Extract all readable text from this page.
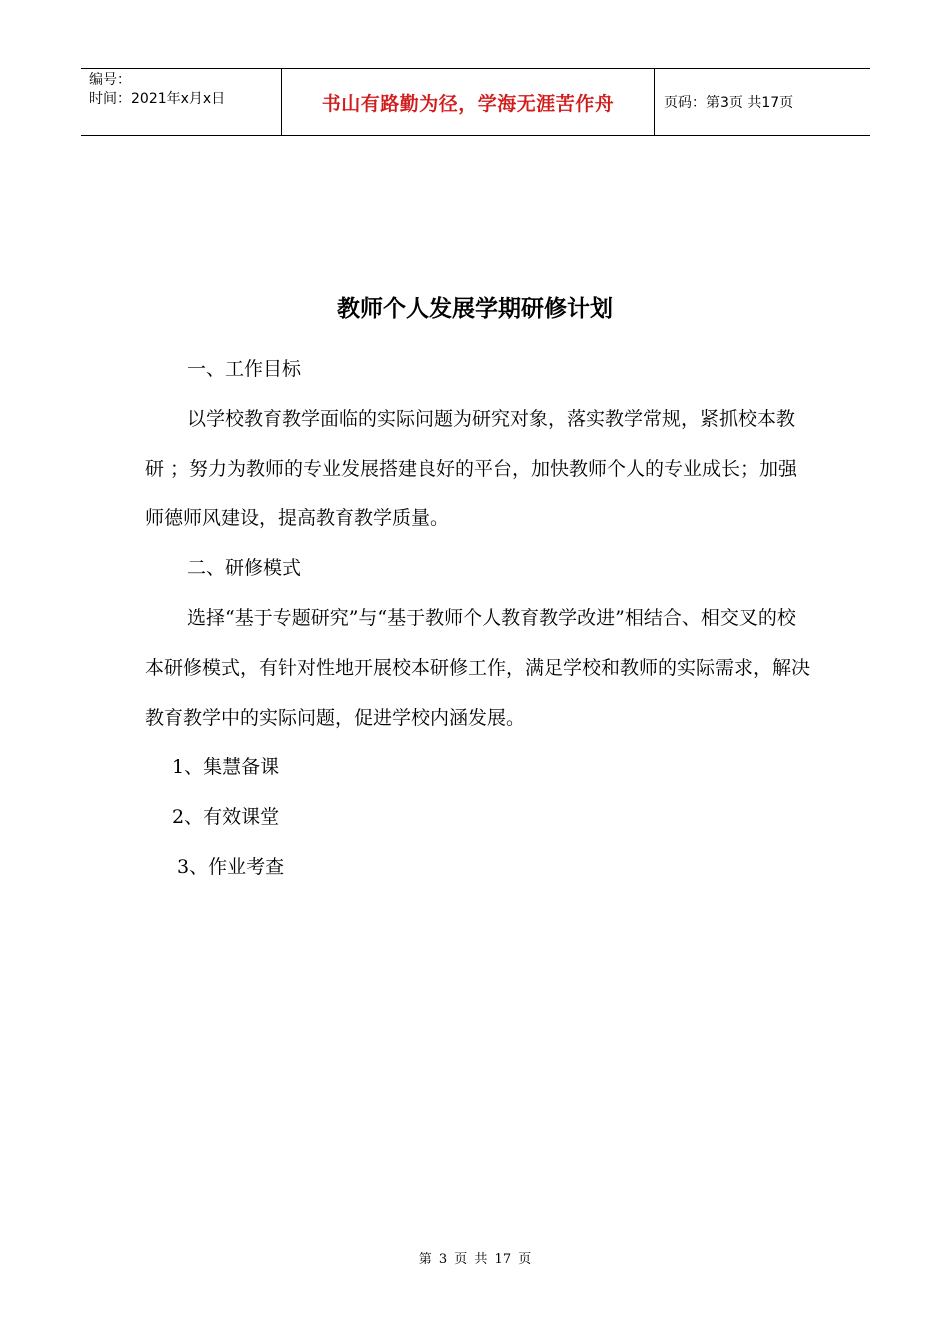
编号：
时间：2021年x月x日	书山有路勤为径，学海无涯苦作舟	页码：第3页 共17页
教师个人发展学期研修计划

一、工作目标

以学校教育教学面临的实际问题为研究对象，落实教学常规，紧抓校本教研 ；努力为教师的专业发展搭建良好的平台，加快教师个人的专业成长；加强师德师风建设，提高教育教学质量。

二、研修模式

选择“基于专题研究”与“基于教师个人教育教学改进”相结合、相交叉的校本研修模式，有针对性地开展校本研修工作，满足学校和教师的实际需求，解决教育教学中的实际问题，促进学校内涵发展。

1、集慧备课

2、有效课堂

3、作业考查

第 3 页 共 17 页
